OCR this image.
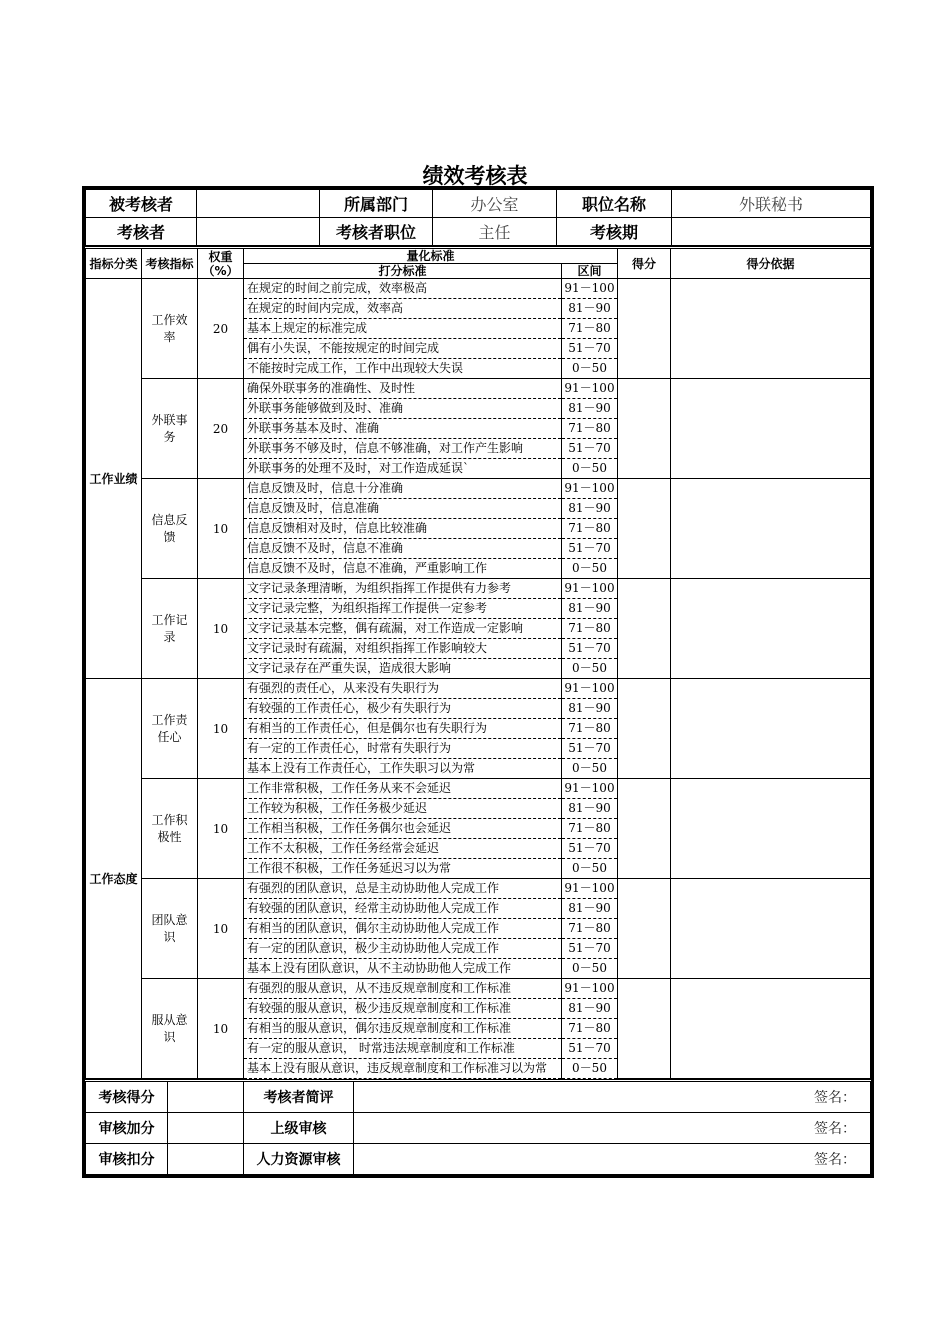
绩效考核表
被考核者		所属部门	办公室	职位名称	外联秘书
考核者		考核者职位	主任	考核期	
指标分类	考核指标	权重（%）	量化标准		得分	得分依据
			打分标准	区间		
工作业绩	工作效率	20	在规定的时间之前完成，效率极高	91－100		
			在规定的时间内完成，效率高	81－90		
			基本上规定的标准完成	71－80		
			偶有小失误，不能按规定的时间完成	51－70		
			不能按时完成工作，工作中出现较大失误	0－50		
	外联事务	20	确保外联事务的准确性、及时性	91－100		
			外联事务能够做到及时、准确	81－90		
			外联事务基本及时、准确	71－80		
			外联事务不够及时，信息不够准确，对工作产生影响	51－70		
			外联事务的处理不及时，对工作造成延误`	0－50		
	信息反馈	10	信息反馈及时，信息十分准确	91－100		
			信息反馈及时，信息准确	81－90		
			信息反馈相对及时，信息比较准确	71－80		
			信息反馈不及时，信息不准确	51－70		
			信息反馈不及时，信息不准确，严重影响工作	0－50		
	工作记录	10	文字记录条理清晰，为组织指挥工作提供有力参考	91－100		
			文字记录完整，为组织指挥工作提供一定参考	81－90		
			文字记录基本完整，偶有疏漏，对工作造成一定影响	71－80		
			文字记录时有疏漏，对组织指挥工作影响较大	51－70		
			文字记录存在严重失误，造成很大影响	0－50		
工作态度	工作责任心	10	有强烈的责任心，从来没有失职行为	91－100		
			有较强的工作责任心，极少有失职行为	81－90		
			有相当的工作责任心，但是偶尔也有失职行为	71－80		
			有一定的工作责任心，时常有失职行为	51－70		
			基本上没有工作责任心，工作失职习以为常	0－50		
	工作积极性	10	工作非常积极，工作任务从来不会延迟	91－100		
			工作较为积极，工作任务极少延迟	81－90		
			工作相当积极，工作任务偶尔也会延迟	71－80		
			工作不太积极，工作任务经常会延迟	51－70		
			工作很不积极，工作任务延迟习以为常	0－50		
	团队意识	10	有强烈的团队意识，总是主动协助他人完成工作	91－100		
			有较强的团队意识，经常主动协助他人完成工作	81－90		
			有相当的团队意识，偶尔主动协助他人完成工作	71－80		
			有一定的团队意识，极少主动协助他人完成工作	51－70		
			基本上没有团队意识，从不主动协助他人完成工作	0－50		
	服从意识	10	有强烈的服从意识，从不违反规章制度和工作标准	91－100		
			有较强的服从意识，极少违反规章制度和工作标准	81－90		
			有相当的服从意识，偶尔违反规章制度和工作标准	71－80		
			有一定的服从意识， 时常违法规章制度和工作标准	51－70		
			基本上没有服从意识，违反规章制度和工作标准习以为常	0－50		
考核得分		考核者简评	签名：
审核加分		上级审核	签名：
审核扣分		人力资源审核	签名：
